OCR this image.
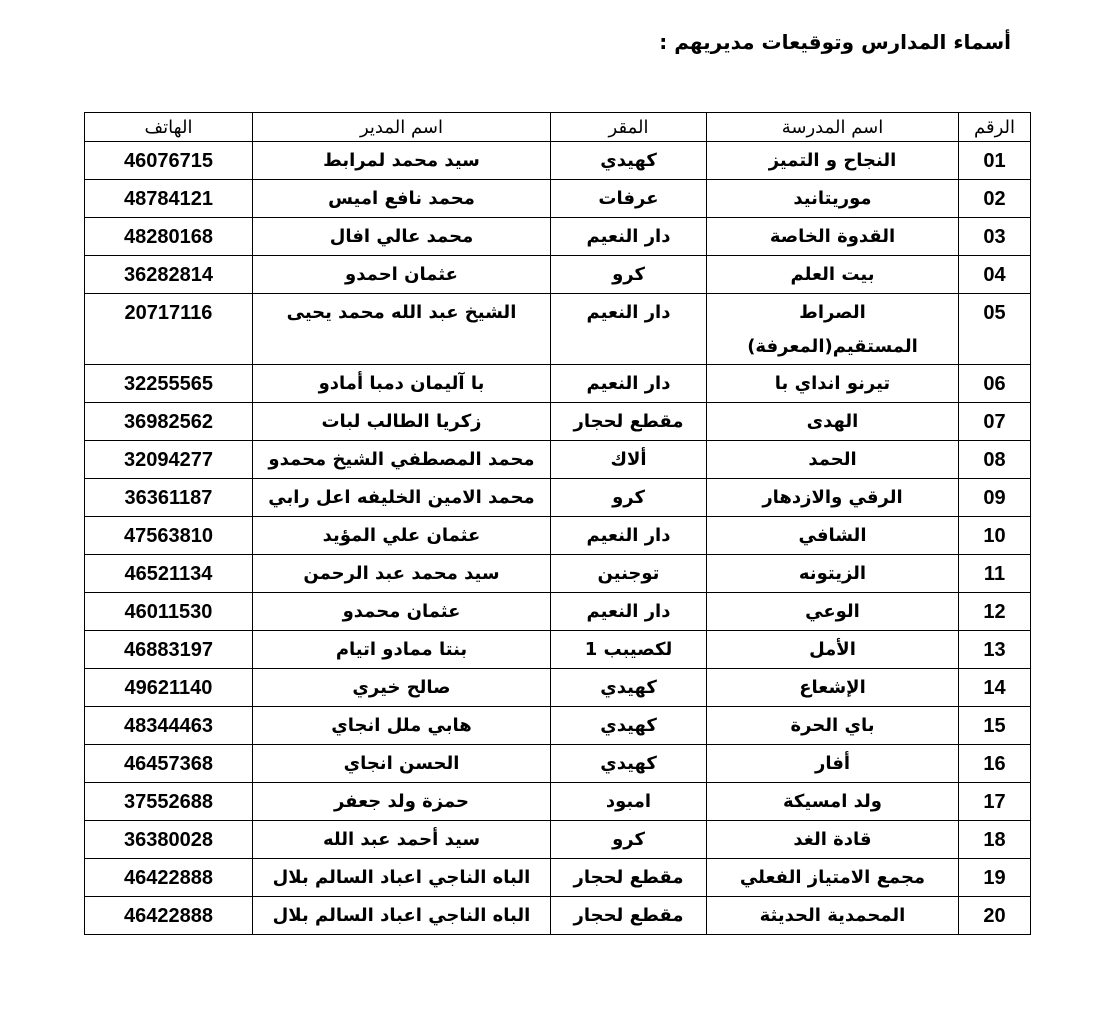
أسماء المدارس وتوقيعات مديريهم :
الرقم	اسم المدرسة	المقر	اسم المدير	الهاتف
01	النجاح و التميز	كهيدي	سيد محمد لمرابط	46076715
02	موريتانيد	عرفات	محمد نافع اميس	48784121
03	القدوة الخاصة	دار النعيم	محمد عالي افال	48280168
04	بيت العلم	كرو	عثمان احمدو	36282814
05	الصراط المستقيم(المعرفة)	دار النعيم	الشيخ عبد الله محمد يحيى	20717116
06	تيرنو انداي با	دار النعيم	با آليمان دمبا أمادو	32255565
07	الهدى	مقطع لحجار	زكريا الطالب لبات	36982562
08	الحمد	ألاك	محمد المصطفي الشيخ محمدو	32094277
09	الرقي والازدهار	كرو	محمد الامين الخليفه اعل رابي	36361187
10	الشافي	دار النعيم	عثمان علي المؤيد	47563810
11	الزيتونه	توجنين	سيد محمد عبد الرحمن	46521134
12	الوعي	دار النعيم	عثمان محمدو	46011530
13	الأمل	لكصيبب 1	بنتا ممادو اتيام	46883197
14	الإشعاع	كهيدي	صالح خيري	49621140
15	باي الحرة	كهيدي	هابي ملل انجاي	48344463
16	أفار	كهيدي	الحسن انجاي	46457368
17	ولد امسيكة	امبود	حمزة ولد جعفر	37552688
18	قادة الغد	كرو	سيد أحمد عبد الله	36380028
19	مجمع الامتياز الفعلي	مقطع لحجار	الباه الناجي اعباد السالم بلال	46422888
20	المحمدية الحديثة	مقطع لحجار	الباه الناجي اعباد السالم بلال	46422888
